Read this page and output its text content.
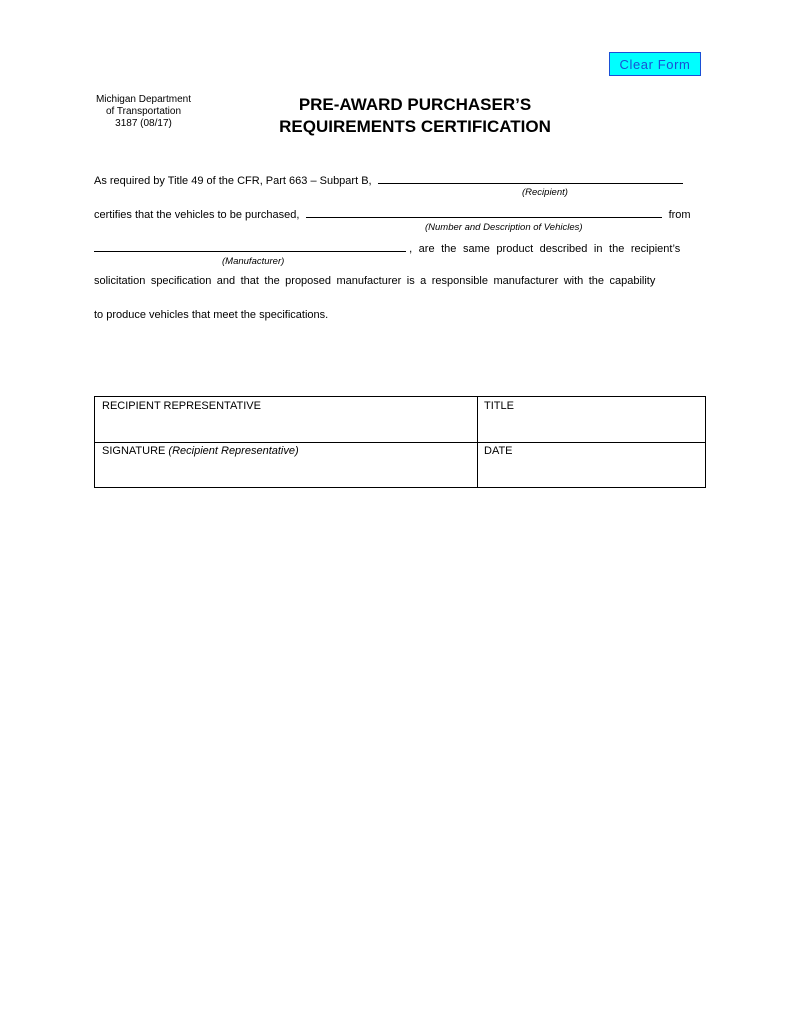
Clear Form
Michigan Department
of Transportation
3187 (08/17)
PRE-AWARD PURCHASER’S
REQUIREMENTS CERTIFICATION
As required by Title 49 of the CFR, Part 663 – Subpart B,
(Recipient)
certifies that the vehicles to be purchased,	from
(Number and Description of Vehicles)
, are the same product described in the recipient’s
(Manufacturer)
solicitation specification and that the proposed manufacturer is a responsible manufacturer with the capability
to produce vehicles that meet the specifications.
RECIPIENT REPRESENTATIVE	TITLE
SIGNATURE (Recipient Representative)	DATE
